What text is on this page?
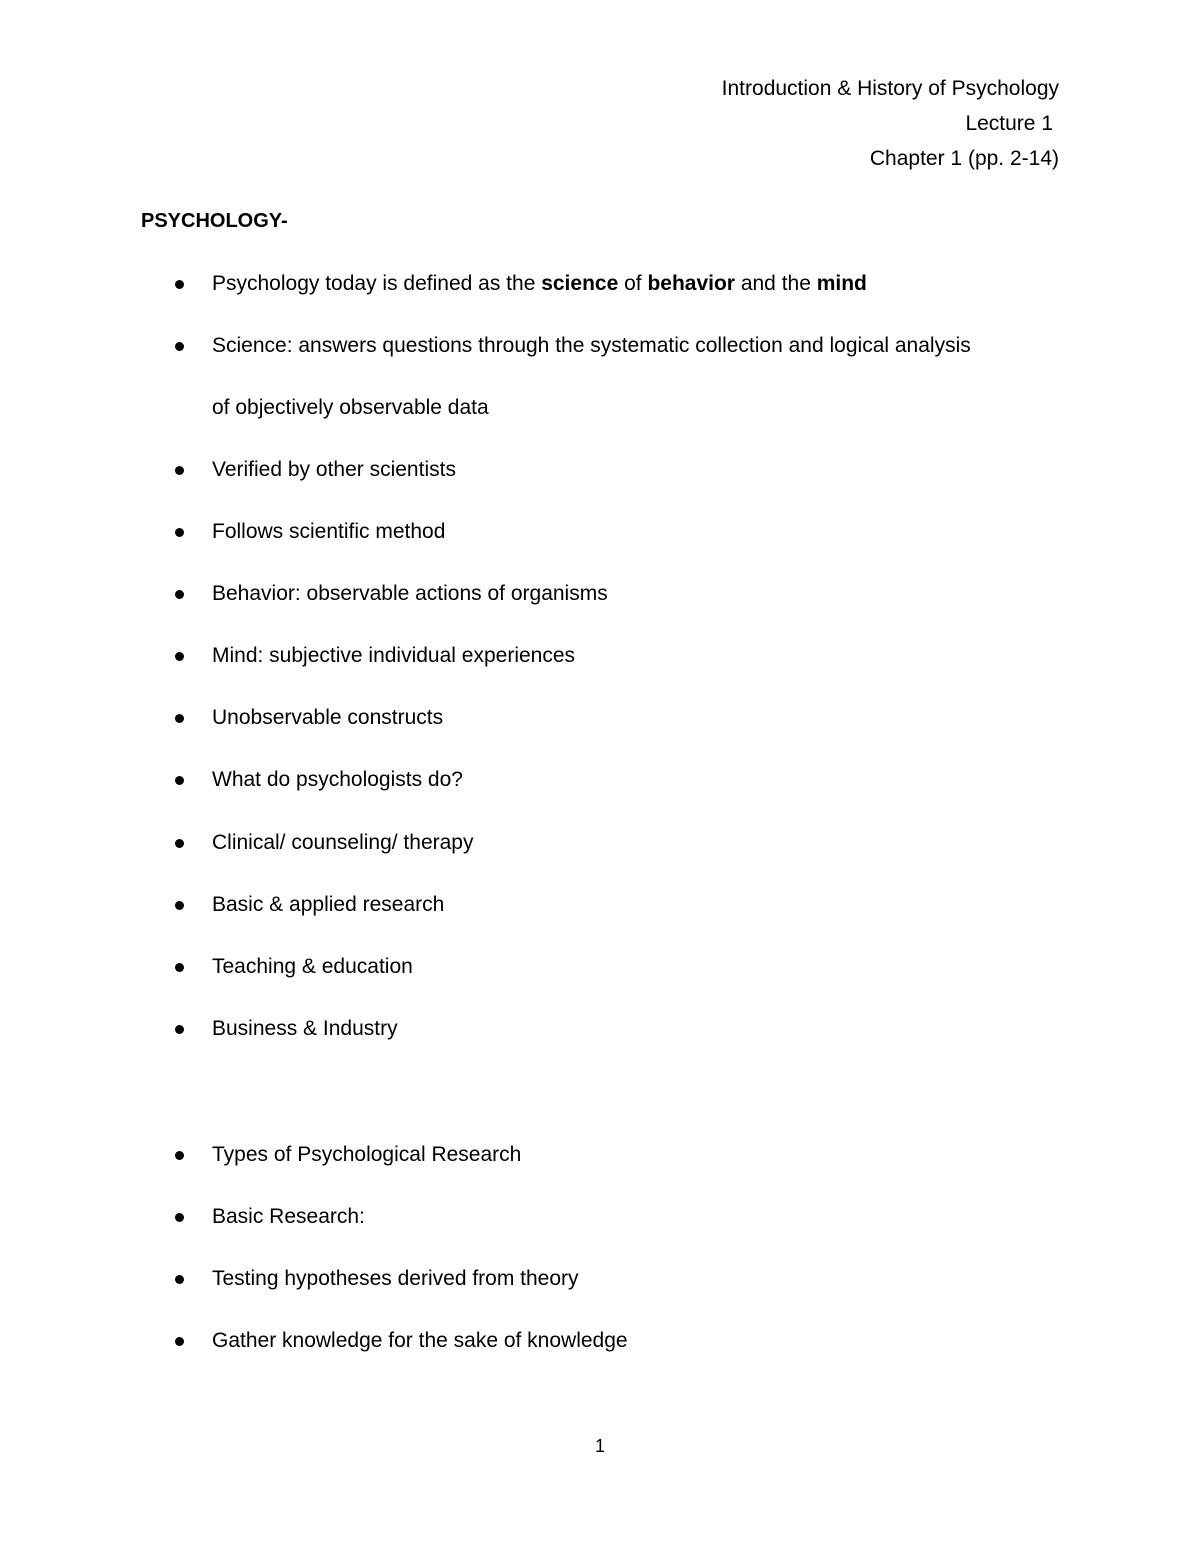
Introduction & History of Psychology
Lecture 1
Chapter 1 (pp. 2-14)
PSYCHOLOGY-
Psychology today is defined as the science of behavior and the mind
Science: answers questions through the systematic collection and logical analysis
of objectively observable data
Verified by other scientists
Follows scientific method
Behavior: observable actions of organisms
Mind: subjective individual experiences
Unobservable constructs
What do psychologists do?
Clinical/ counseling/ therapy
Basic & applied research
Teaching & education
Business & Industry
Types of Psychological Research
Basic Research:
Testing hypotheses derived from theory
Gather knowledge for the sake of knowledge
1
